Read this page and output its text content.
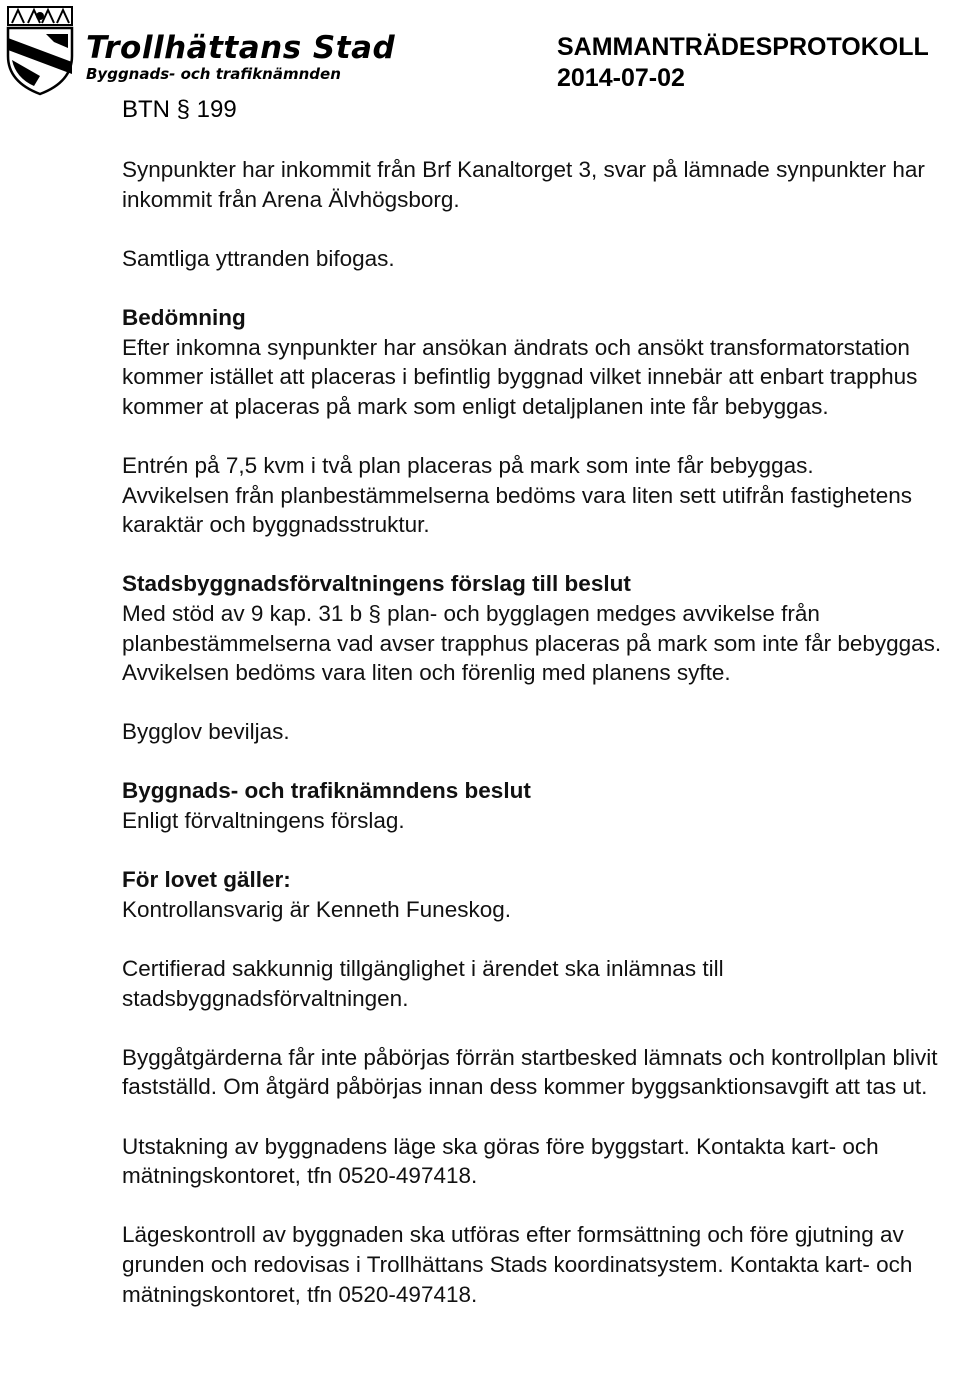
Trollhättans Stad
Byggnads- och trafiknämnden
SAMMANTRÄDESPROTOKOLL
2014-07-02
BTN § 199

Synpunkter har inkommit från Brf Kanaltorget 3, svar på lämnade synpunkter har inkommit från Arena Älvhögsborg.

Samtliga yttranden bifogas.

Bedömning
Efter inkomna synpunkter har ansökan ändrats och ansökt transformatorstation kommer istället att placeras i befintlig byggnad vilket innebär att enbart trapphus kommer at placeras på mark som enligt detaljplanen inte får bebyggas.

Entrén på 7,5 kvm i två plan placeras på mark som inte får bebyggas.
Avvikelsen från planbestämmelserna bedöms vara liten sett utifrån fastighetens karaktär och byggnadsstruktur.

Stadsbyggnadsförvaltningens förslag till beslut
Med stöd av 9 kap. 31 b § plan- och bygglagen medges avvikelse från planbestämmelserna vad avser trapphus placeras på mark som inte får bebyggas. Avvikelsen bedöms vara liten och förenlig med planens syfte.

Bygglov beviljas.

Byggnads- och trafiknämndens beslut
Enligt förvaltningens förslag.

För lovet gäller:
Kontrollansvarig är Kenneth Funeskog.

Certifierad sakkunnig tillgänglighet i ärendet ska inlämnas till stadsbyggnadsförvaltningen.

Byggåtgärderna får inte påbörjas förrän startbesked lämnats och kontrollplan blivit fastställd. Om åtgärd påbörjas innan dess kommer byggsanktionsavgift att tas ut.

Utstakning av byggnadens läge ska göras före byggstart. Kontakta kart- och mätningskontoret, tfn 0520-497418.

Lägeskontroll av byggnaden ska utföras efter formsättning och före gjutning av grunden och redovisas i Trollhättans Stads koordinatsystem. Kontakta kart- och mätningskontoret, tfn 0520-497418.
